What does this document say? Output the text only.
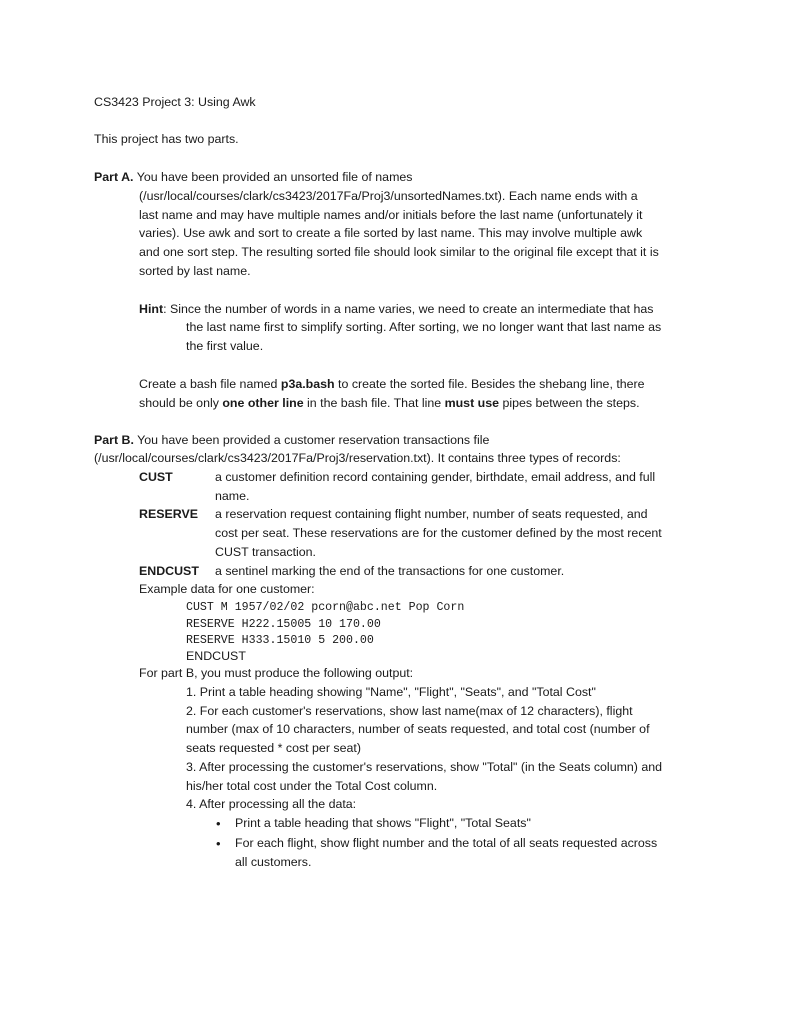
CS3423 Project 3: Using Awk
This project has two parts.
Part A. You have been provided an unsorted file of names
(/usr/local/courses/clark/cs3423/2017Fa/Proj3/unsortedNames.txt). Each name ends with a
last name and may have multiple names and/or initials before the last name (unfortunately it
varies). Use awk and sort to create a file sorted by last name. This may involve multiple awk
and one sort step. The resulting sorted file should look similar to the original file except that it is
sorted by last name.
Hint: Since the number of words in a name varies, we need to create an intermediate that has
the last name first to simplify sorting. After sorting, we no longer want that last name as
the first value.
Create a bash file named p3a.bash to create the sorted file. Besides the shebang line, there
should be only one other line in the bash file. That line must use pipes between the steps.
Part B. You have been provided a customer reservation transactions file
(/usr/local/courses/clark/cs3423/2017Fa/Proj3/reservation.txt). It contains three types of records:
CUST	a customer definition record containing gender, birthdate, email address, and full
name.
RESERVE a reservation request containing flight number, number of seats requested, and
cost per seat. These reservations are for the customer defined by the most recent
CUST transaction.
ENDCUST a sentinel marking the end of the transactions for one customer.
Example data for one customer:
CUST M 1957/02/02 pcorn@abc.net Pop Corn
RESERVE H222.15005 10 170.00
RESERVE H333.15010 5 200.00
ENDCUST
For part B, you must produce the following output:
1. Print a table heading showing "Name", "Flight", "Seats", and "Total Cost"
2. For each customer's reservations, show last name(max of 12 characters), flight
number (max of 10 characters, number of seats requested, and total cost (number of
seats requested * cost per seat)
3. After processing the customer's reservations, show "Total" (in the Seats column) and
his/her total cost under the Total Cost column.
4. After processing all the data:
• Print a table heading that shows "Flight", "Total Seats"
• For each flight, show flight number and the total of all seats requested across
all customers.
